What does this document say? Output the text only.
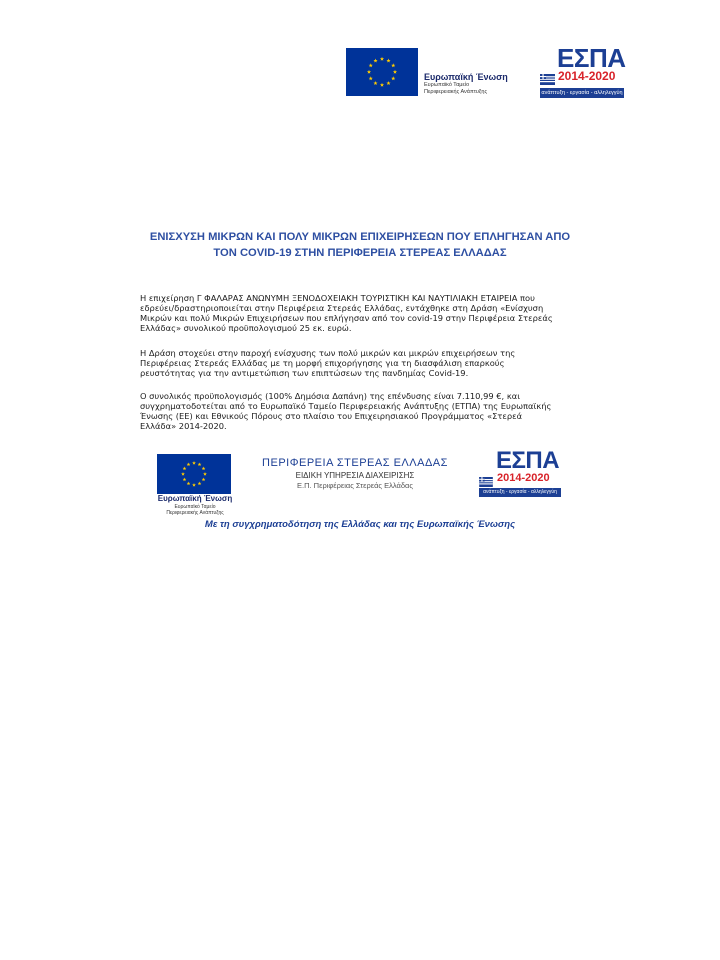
Ευρωπαϊκή Ένωση
Ευρωπαϊκό Ταμείο
Περιφερειακής Ανάπτυξης
ΕΣΠΑ
2014-2020
ανάπτυξη - εργασία - αλληλεγγύη
ΕΝΙΣΧΥΣΗ ΜΙΚΡΩΝ ΚΑΙ ΠΟΛΥ ΜΙΚΡΩΝ ΕΠΙΧΕΙΡΗΣΕΩΝ ΠΟΥ ΕΠΛΗΓΗΣΑΝ ΑΠΟ
ΤΟΝ COVID-19 ΣΤΗΝ ΠΕΡΙΦΕΡΕΙΑ ΣΤΕΡΕΑΣ ΕΛΛΑΔΑΣ
Η επιχείρηση Γ ΦΑΛΑΡΑΣ ΑΝΩΝΥΜΗ ΞΕΝΟΔΟΧΕΙΑΚΗ ΤΟΥΡΙΣΤΙΚΗ ΚΑΙ ΝΑΥΤΙΛΙΑΚΗ ΕΤΑΙΡΕΙΑ που
εδρεύει/δραστηριοποιείται στην Περιφέρεια Στερεάς Ελλάδας, εντάχθηκε στη Δράση «Ενίσχυση
Μικρών και πολύ Μικρών Επιχειρήσεων που επλήγησαν από τον covid-19 στην Περιφέρεια Στερεάς
Ελλάδας» συνολικού προϋπολογισμού 25 εκ. ευρώ.
Η Δράση στοχεύει στην παροχή ενίσχυσης των πολύ μικρών και μικρών επιχειρήσεων της
Περιφέρειας Στερεάς Ελλάδας με τη μορφή επιχορήγησης για τη διασφάλιση επαρκούς
ρευστότητας για την αντιμετώπιση των επιπτώσεων της πανδημίας Covid-19.
Ο συνολικός προϋπολογισμός (100% Δημόσια Δαπάνη) της επένδυσης είναι 7.110,99 €, και
συγχρηματοδοτείται από το Ευρωπαϊκό Ταμείο Περιφερειακής Ανάπτυξης (ΕΤΠΑ) της Ευρωπαϊκής
Ένωσης (ΕΕ) και Εθνικούς Πόρους στο πλαίσιο του Επιχειρησιακού Προγράμματος «Στερεά
Ελλάδα» 2014-2020.
Ευρωπαϊκή Ένωση
Ευρωπαϊκό Ταμείο
Περιφερειακής Ανάπτυξης
ΠΕΡΙΦΕΡΕΙΑ ΣΤΕΡΕΑΣ ΕΛΛΑΔΑΣ
ΕΙΔΙΚΗ ΥΠΗΡΕΣΙΑ ΔΙΑΧΕΙΡΙΣΗΣ
Ε.Π. Περιφέρειας Στερεάς Ελλάδας
ΕΣΠΑ
2014-2020
ανάπτυξη - εργασία - αλληλεγγύη
Με τη συγχρηματοδότηση της Ελλάδας και της Ευρωπαϊκής Ένωσης
